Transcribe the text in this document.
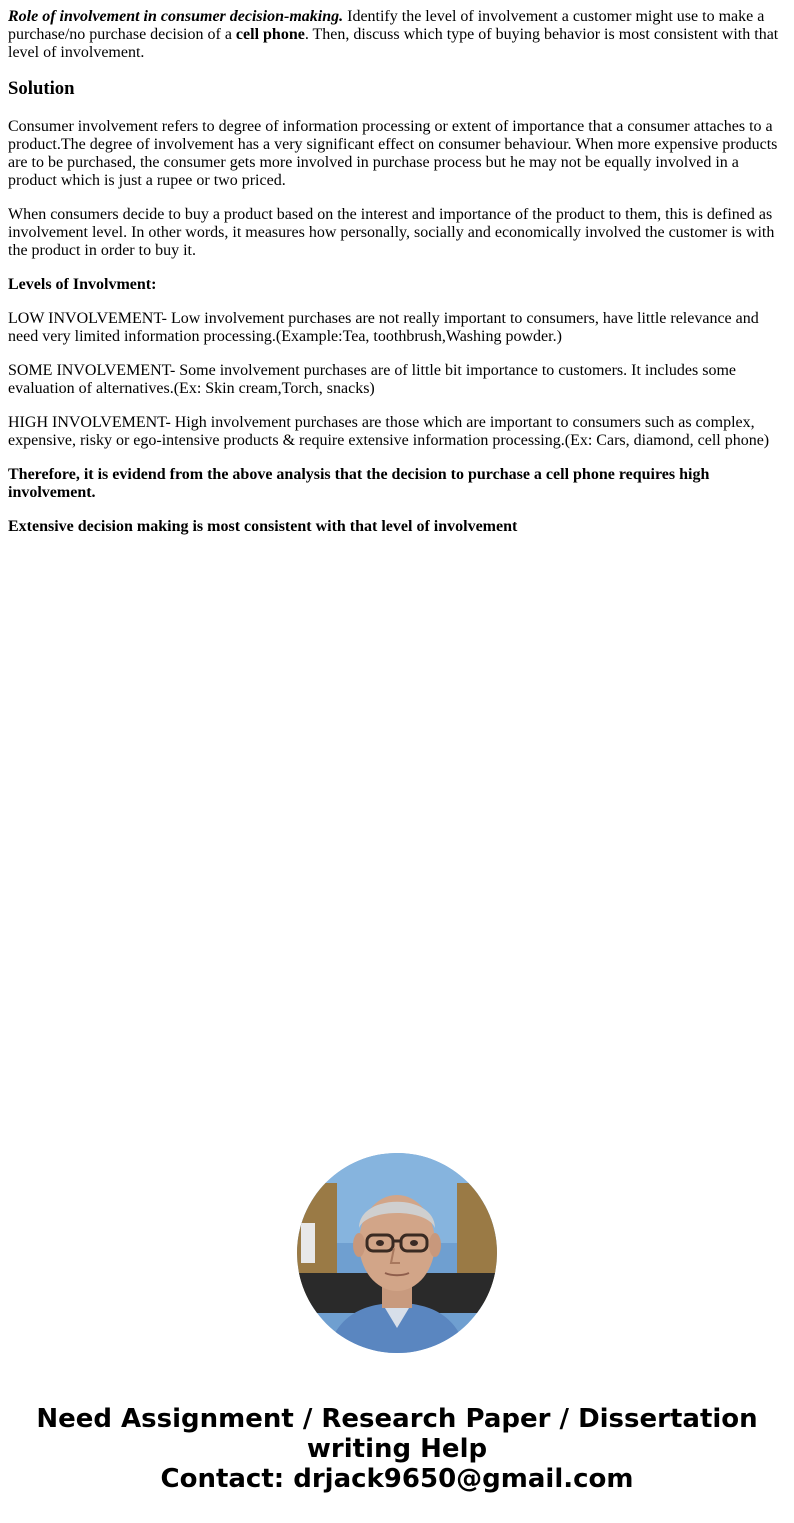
Role of involvement in consumer decision-making. Identify the level of involvement a customer might use to make a purchase/no purchase decision of a cell phone. Then, discuss which type of buying behavior is most consistent with that level of involvement.

Solution

Consumer involvement refers to degree of information processing or extent of importance that a consumer attaches to a product.The degree of involvement has a very significant effect on consumer behaviour. When more expensive products are to be purchased, the consumer gets more involved in purchase process but he may not be equally involved in a product which is just a rupee or two priced.

When consumers decide to buy a product based on the interest and importance of the product to them, this is defined as involvement level. In other words, it measures how personally, socially and economically involved the customer is with the product in order to buy it.

Levels of Involvment:

LOW INVOLVEMENT- Low involvement purchases are not really important to consumers, have little relevance and need very limited information processing.(Example:Tea, toothbrush,Washing powder.)

SOME INVOLVEMENT- Some involvement purchases are of little bit importance to customers. It includes some evaluation of alternatives.(Ex: Skin cream,Torch, snacks)

HIGH INVOLVEMENT- High involvement purchases are those which are important to consumers such as complex, expensive, risky or ego-intensive products & require extensive information processing.(Ex: Cars, diamond, cell phone)

Therefore, it is evidend from the above analysis that the decision to purchase a cell phone requires high involvement.

Extensive decision making is most consistent with that level of involvement

Need Assignment / Research Paper / Dissertation
writing Help
Contact: drjack9650@gmail.com
